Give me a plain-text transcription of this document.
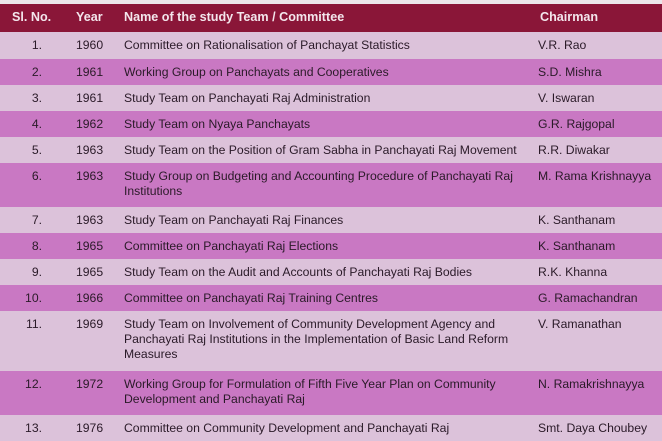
Sl. No.	Year	Name of the study Team / Committee	Chairman
1.	1960	Committee on Rationalisation of Panchayat Statistics	V.R. Rao
2.	1961	Working Group on Panchayats and Cooperatives	S.D. Mishra
3.	1961	Study Team on Panchayati Raj Administration	V. Iswaran
4.	1962	Study Team on Nyaya Panchayats	G.R. Rajgopal
5.	1963	Study Team on the Position of Gram Sabha in Panchayati Raj Movement	R.R. Diwakar
6.	1963	Study Group on Budgeting and Accounting Procedure of Panchayati Raj Institutions	M. Rama Krishnayya
7.	1963	Study Team on Panchayati Raj Finances	K. Santhanam
8.	1965	Committee on Panchayati Raj Elections	K. Santhanam
9.	1965	Study Team on the Audit and Accounts of Panchayati Raj Bodies	R.K. Khanna
10.	1966	Committee on Panchayati Raj Training Centres	G. Ramachandran
11.	1969	Study Team on Involvement of Community Development Agency and Panchayati Raj Institutions in the Implementation of Basic Land Reform Measures	V. Ramanathan
12.	1972	Working Group for Formulation of Fifth Five Year Plan on Community Development and Panchayati Raj	N. Ramakrishnayya
13.	1976	Committee on Community Development and Panchayati Raj	Smt. Daya Choubey
